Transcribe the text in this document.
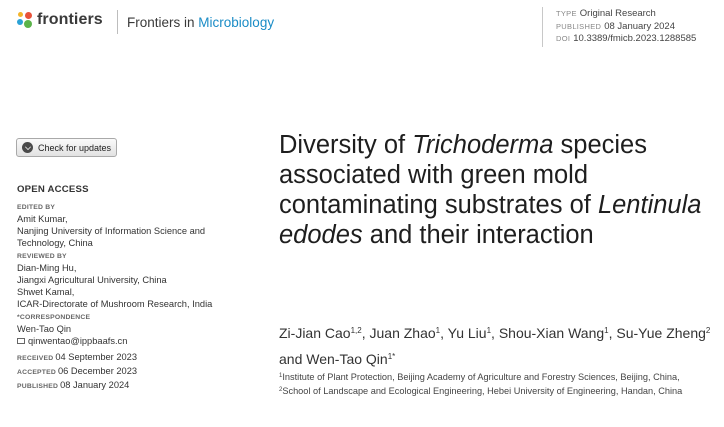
frontiers Frontiers in Microbiology
TYPE Original Research
PUBLISHED 08 January 2024
DOI 10.3389/fmicb.2023.1288585
Check for updates
OPEN ACCESS
EDITED BY
Amit Kumar,
Nanjing University of Information Science and Technology, China
REVIEWED BY
Dian-Ming Hu,
Jiangxi Agricultural University, China
Shwet Kamal,
ICAR-Directorate of Mushroom Research, India
*CORRESPONDENCE
Wen-Tao Qin
qinwentao@ippbaafs.cn
RECEIVED 04 September 2023
ACCEPTED 06 December 2023
PUBLISHED 08 January 2024
Diversity of Trichoderma species associated with green mold contaminating substrates of Lentinula edodes and their interaction
Zi-Jian Cao$^{1,2}$, Juan Zhao$^1$, Yu Liu$^1$, Shou-Xian Wang$^1$, Su-Yue Zheng$^2$ and Wen-Tao Qin$^{1*}$
$^1$Institute of Plant Protection, Beijing Academy of Agriculture and Forestry Sciences, Beijing, China, $^2$School of Landscape and Ecological Engineering, Hebei University of Engineering, Handan, China
